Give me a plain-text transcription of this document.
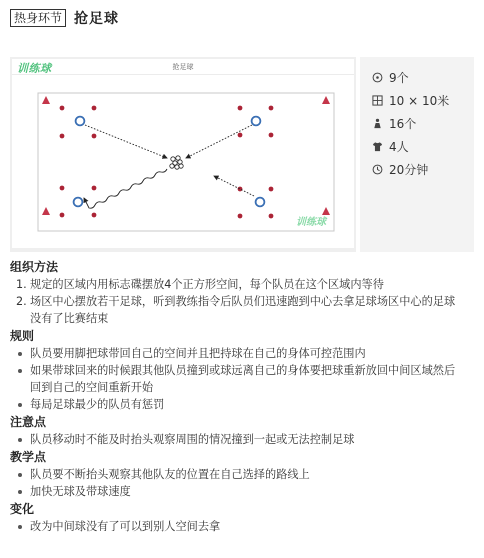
热身环节 抢足球
训练球	抢足球
训练球
9个
10 × 10米
16个
4人
20分钟
组织方法
1. 规定的区域内用标志碟摆放4个正方形空间，每个队员在这个区域内等待
2. 场区中心摆放若干足球，听到教练指令后队员们迅速跑到中心去拿足球场区中心的足球
没有了比赛结束
规则
队员要用脚把球带回自己的空间并且把持球在自己的身体可控范围内
如果带球回来的时候跟其他队员撞到或球远离自己的身体要把球重新放回中间区域然后
回到自己的空间重新开始
每局足球最少的队员有惩罚
注意点
队员移动时不能及时抬头观察周围的情况撞到一起或无法控制足球
教学点
队员要不断抬头观察其他队友的位置在自己选择的路线上
加快无球及带球速度
变化
改为中间球没有了可以到别人空间去拿
